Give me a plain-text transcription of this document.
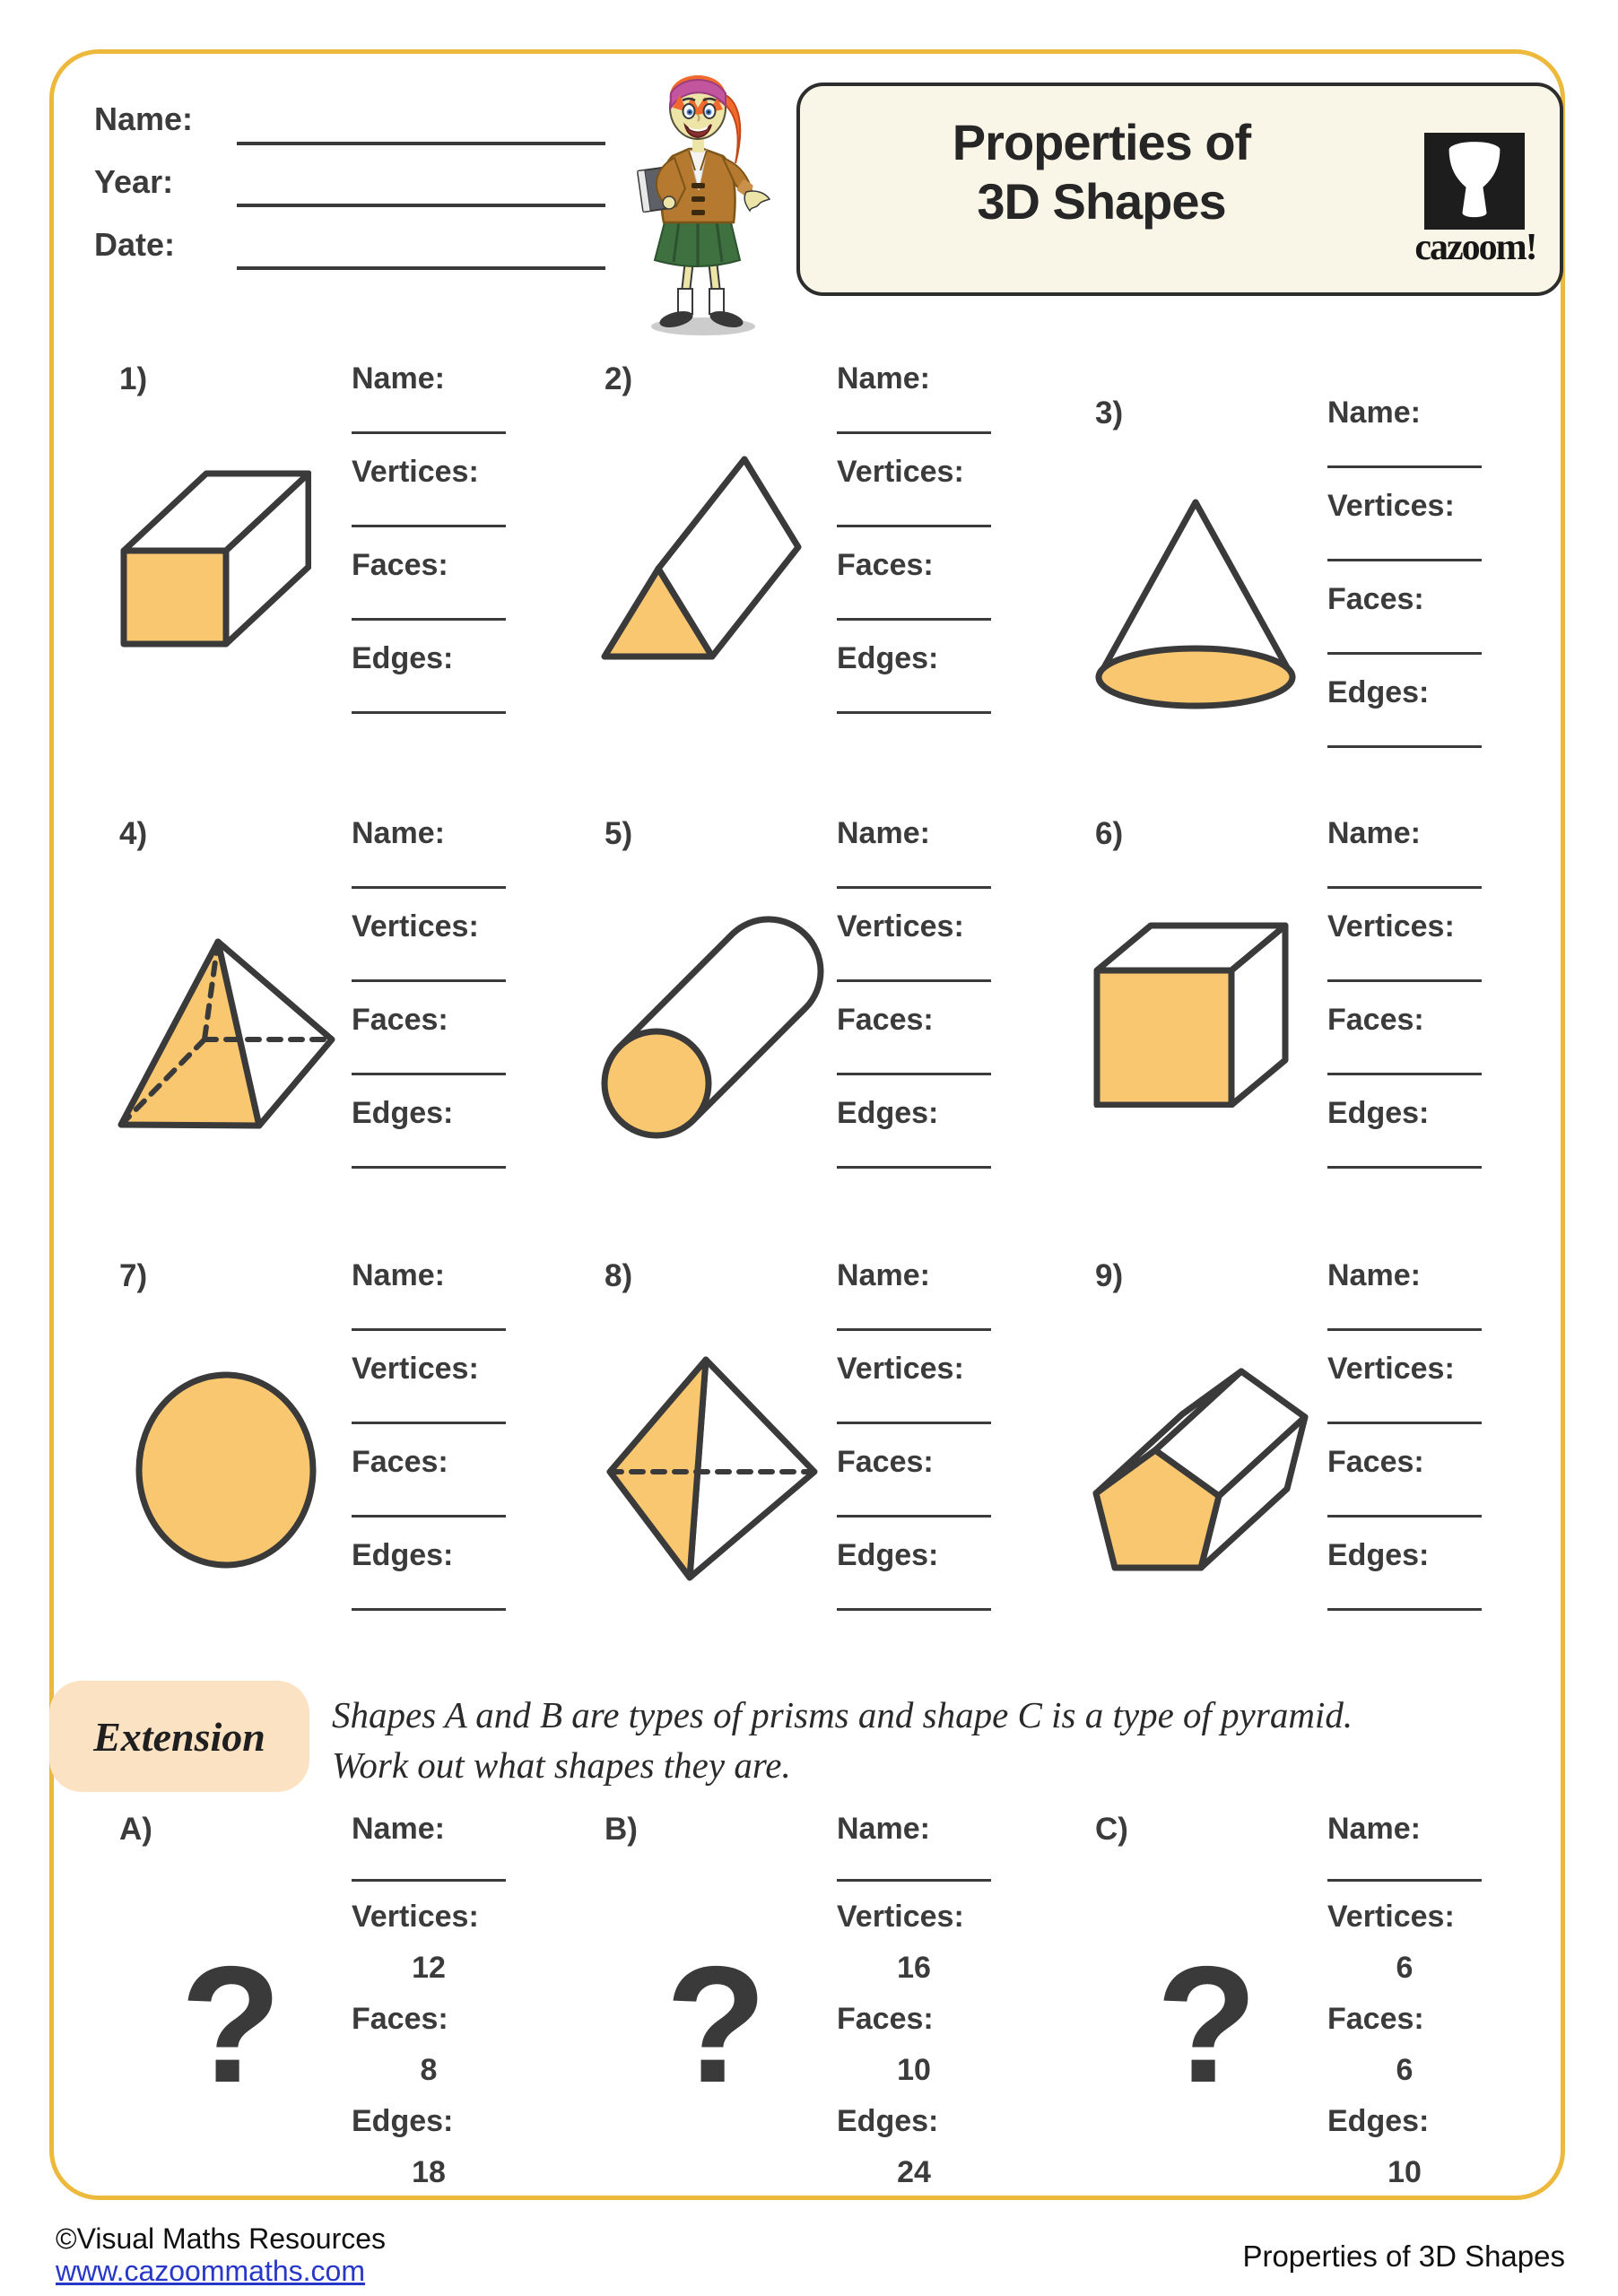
Name:
Year:
Date:
Properties of
3D Shapes
cazoom!
1)	Name:
Vertices:
Faces:
Edges:
2)	Name:
Vertices:
Faces:
Edges:
3)	Name:
Vertices:
Faces:
Edges:
4)	Name:
Vertices:
Faces:
Edges:
5)	Name:
Vertices:
Faces:
Edges:
6)	Name:
Vertices:
Faces:
Edges:
7)	Name:
Vertices:
Faces:
Edges:
8)	Name:
Vertices:
Faces:
Edges:
9)	Name:
Vertices:
Faces:
Edges:
Extension Shapes A and B are types of prisms and shape C is a type of pyramid.
Work out what shapes they are.
A)
?
Name:
Vertices:
12
Faces:
8
Edges:
18
B)
?
Name:
Vertices:
16
Faces:
10
Edges:
24
C)
?
Name:
Vertices:
6
Faces:
6
Edges:
10
©Visual Maths Resources
www.cazoommaths.com	Properties of 3D Shapes
